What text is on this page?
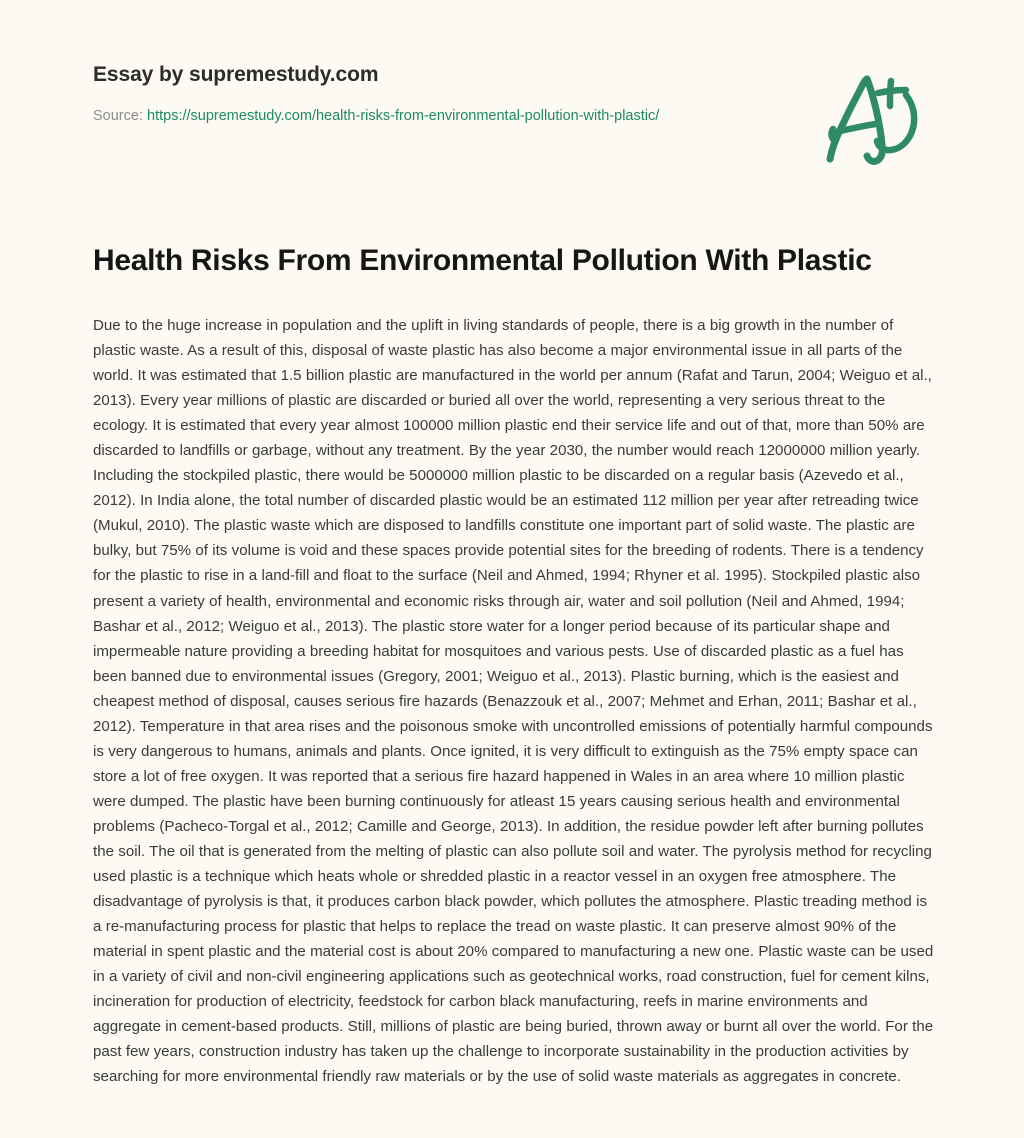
Essay by supremestudy.com
Source: https://supremestudy.com/health-risks-from-environmental-pollution-with-plastic/
Health Risks From Environmental Pollution With Plastic

Due to the huge increase in population and the uplift in living standards of people, there is a big growth in the number of plastic waste. As a result of this, disposal of waste plastic has also become a major environmental issue in all parts of the world. It was estimated that 1.5 billion plastic are manufactured in the world per annum (Rafat and Tarun, 2004; Weiguo et al., 2013). Every year millions of plastic are discarded or buried all over the world, representing a very serious threat to the ecology. It is estimated that every year almost 100000 million plastic end their service life and out of that, more than 50% are discarded to landfills or garbage, without any treatment. By the year 2030, the number would reach 12000000 million yearly. Including the stockpiled plastic, there would be 5000000 million plastic to be discarded on a regular basis (Azevedo et al., 2012). In India alone, the total number of discarded plastic would be an estimated 112 million per year after retreading twice (Mukul, 2010). The plastic waste which are disposed to landfills constitute one important part of solid waste. The plastic are bulky, but 75% of its volume is void and these spaces provide potential sites for the breeding of rodents. There is a tendency for the plastic to rise in a land-fill and float to the surface (Neil and Ahmed, 1994; Rhyner et al. 1995). Stockpiled plastic also present a variety of health, environmental and economic risks through air, water and soil pollution (Neil and Ahmed, 1994; Bashar et al., 2012; Weiguo et al., 2013). The plastic store water for a longer period because of its particular shape and impermeable nature providing a breeding habitat for mosquitoes and various pests. Use of discarded plastic as a fuel has been banned due to environmental issues (Gregory, 2001; Weiguo et al., 2013). Plastic burning, which is the easiest and cheapest method of disposal, causes serious fire hazards (Benazzouk et al., 2007; Mehmet and Erhan, 2011; Bashar et al., 2012). Temperature in that area rises and the poisonous smoke with uncontrolled emissions of potentially harmful compounds is very dangerous to humans, animals and plants. Once ignited, it is very difficult to extinguish as the 75% empty space can store a lot of free oxygen. It was reported that a serious fire hazard happened in Wales in an area where 10 million plastic were dumped. The plastic have been burning continuously for atleast 15 years causing serious health and environmental problems (Pacheco-Torgal et al., 2012; Camille and George, 2013). In addition, the residue powder left after burning pollutes the soil. The oil that is generated from the melting of plastic can also pollute soil and water. The pyrolysis method for recycling used plastic is a technique which heats whole or shredded plastic in a reactor vessel in an oxygen free atmosphere. The disadvantage of pyrolysis is that, it produces carbon black powder, which pollutes the atmosphere. Plastic treading method is a re-manufacturing process for plastic that helps to replace the tread on waste plastic. It can preserve almost 90% of the material in spent plastic and the material cost is about 20% compared to manufacturing a new one. Plastic waste can be used in a variety of civil and non-civil engineering applications such as geotechnical works, road construction, fuel for cement kilns, incineration for production of electricity, feedstock for carbon black manufacturing, reefs in marine environments and aggregate in cement-based products. Still, millions of plastic are being buried, thrown away or burnt all over the world. For the past few years, construction industry has taken up the challenge to incorporate sustainability in the production activities by searching for more environmental friendly raw materials or by the use of solid waste materials as aggregates in concrete.
